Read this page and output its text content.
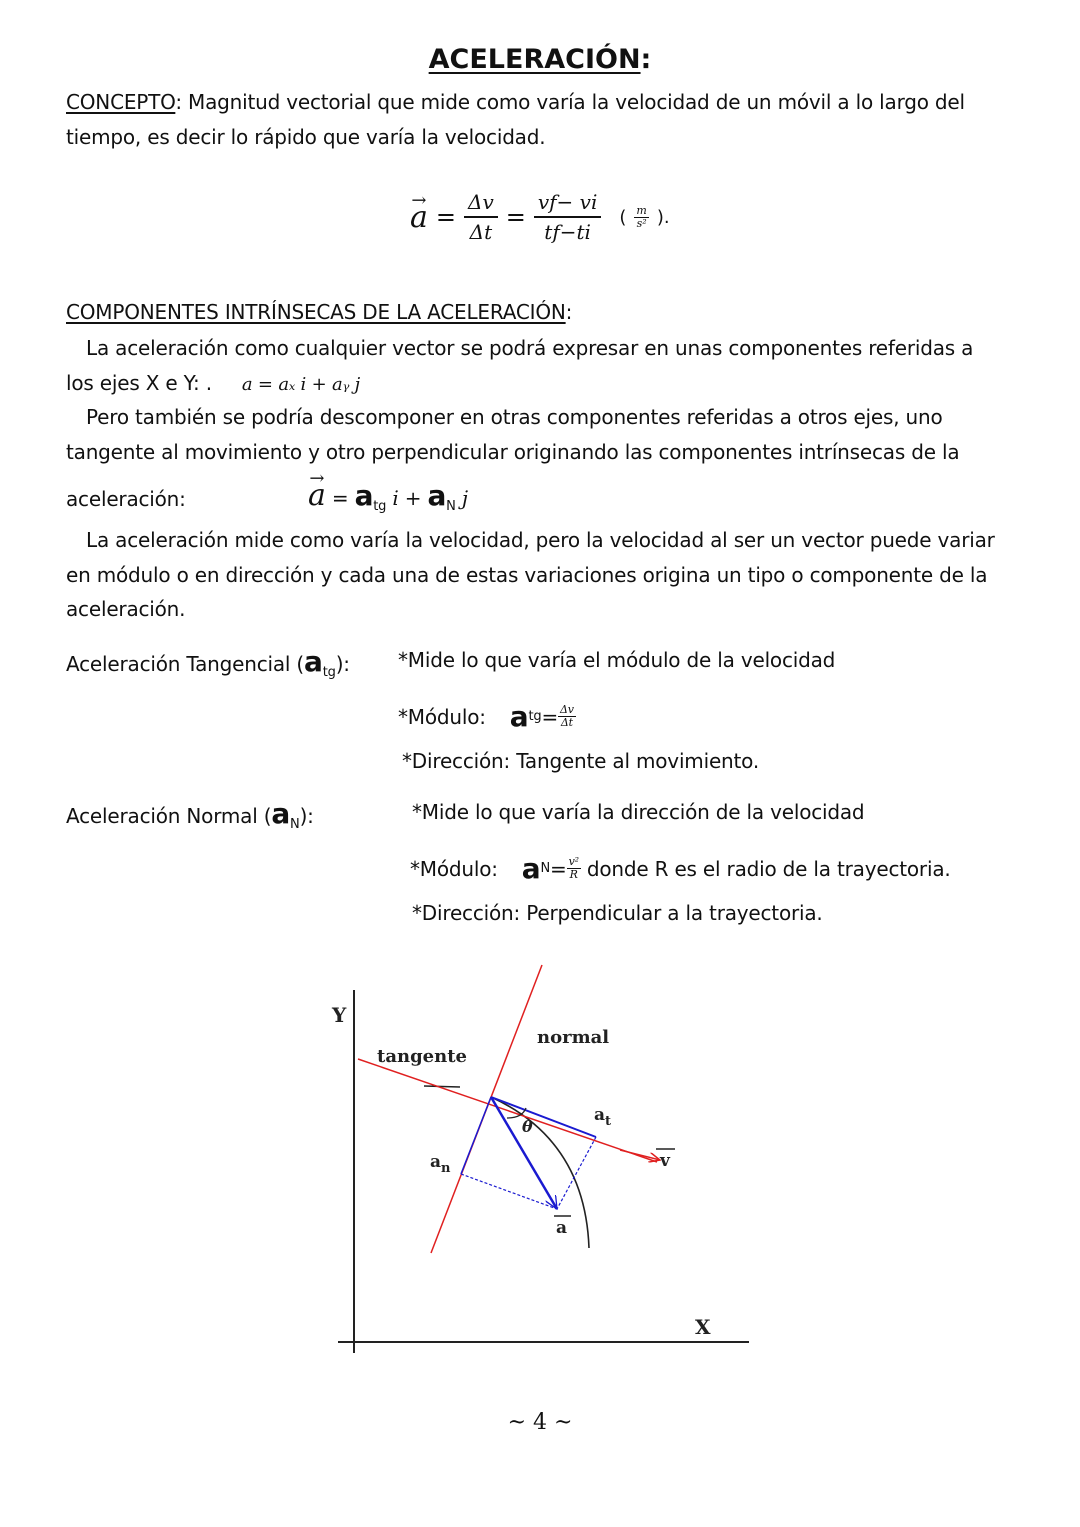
ACELERACIÓN:
CONCEPTO: Magnitud vectorial que mide como varía la velocidad de un móvil a lo largo del
tiempo, es decir lo rápido que varía la velocidad.
→ $a = \frac{\Delta v}{\Delta t} = \frac{vf- vi}{tf-ti}$ ( $\frac{m}{\text{s²}}$ ).
COMPONENTES INTRÍNSECAS DE LA ACELERACIÓN:
La aceleración como cualquier vector se podrá expresar en unas componentes referidas a
los ejes X e Y: . a = aₓ i + aᵧ j
Pero también se podría descomponer en otras componentes referidas a otros ejes, uno
tangente al movimiento y otro perpendicular originando las componentes intrínsecas de la
aceleración:	→ $a = a_{tg}$ $i + a_N$ j
La aceleración mide como varía la velocidad, pero la velocidad al ser un vector puede variar
en módulo o en dirección y cada una de estas variaciones origina un tipo o componente de la
aceleración.
Aceleración Tangencial $(a_{tg})$: *Mide lo que varía el módulo de la velocidad
*Módulo: a tg = $\frac{\Delta v}{\Delta t}$
*Dirección: Tangente al movimiento.
Aceleración Normal $(a_N)$:	*Mide lo que varía la dirección de la velocidad
*Módulo: a $N = \frac{\text{v²}}{R}$ donde R es el radio de la trayectoria.
*Dirección: Perpendicular a la trayectoria.
Y
X
tangente
normal
θ
$a_t$
$a_n$
a
v
~ 4 ~
